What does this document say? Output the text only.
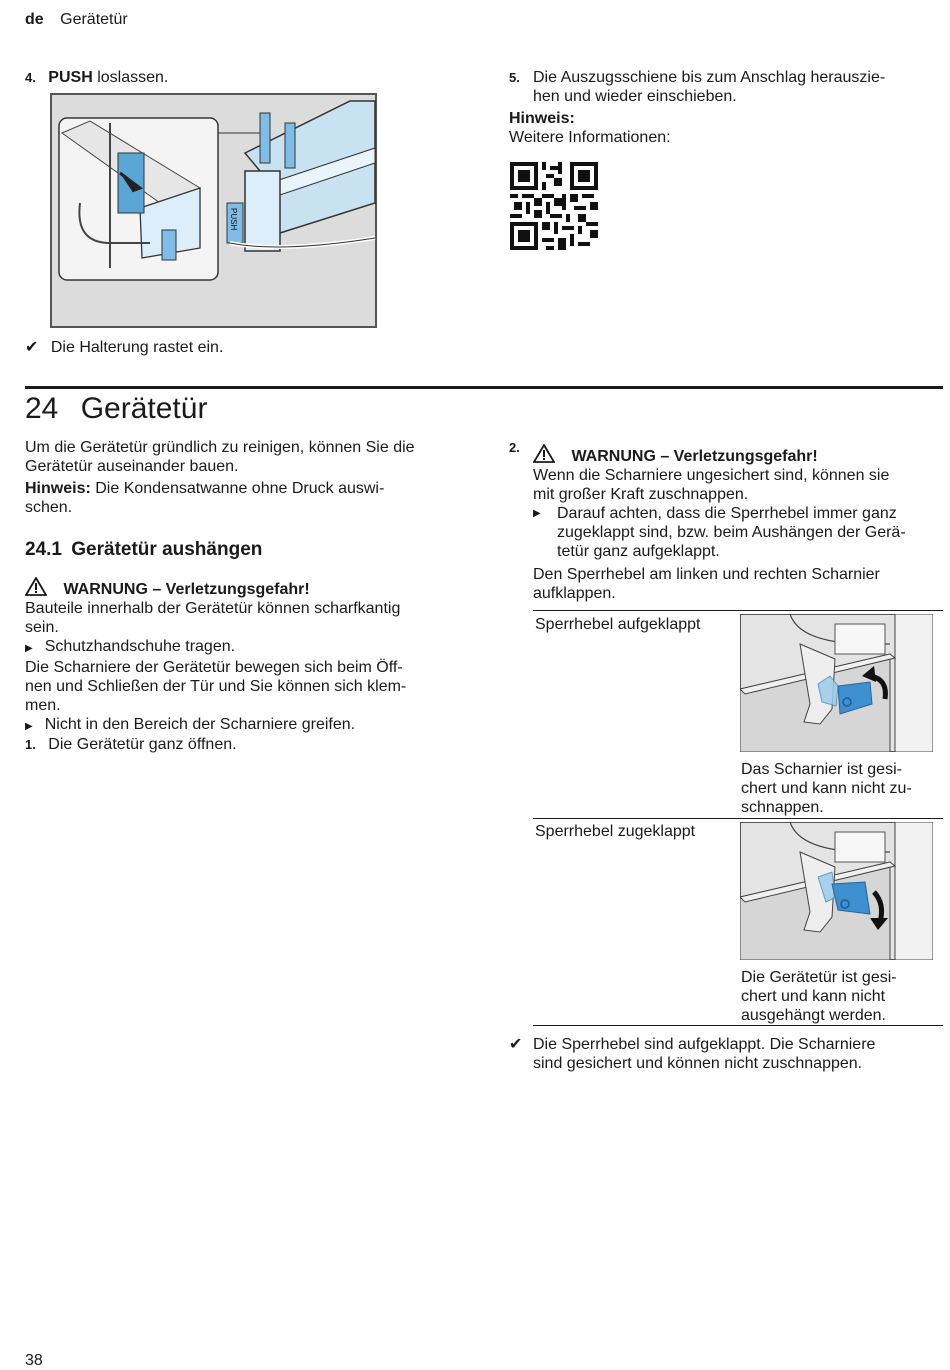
de Gerätetür
4. PUSH loslassen.
PUSH
✔ Die Halterung rastet ein.
5. Die Auszugsschiene bis zum Anschlag herauszie-
hen und wieder einschieben.
Hinweis:
Weitere Informationen:
24 Gerätetür
Um die Gerätetür gründlich zu reinigen, können Sie die
Gerätetür auseinander bauen.
Hinweis: Die Kondensatwanne ohne Druck auswi-
schen.
24.1 Gerätetür aushängen
WARNUNG – Verletzungsgefahr!
Bauteile innerhalb der Gerätetür können scharfkantig
sein.
▶ Schutzhandschuhe tragen.
Die Scharniere der Gerätetür bewegen sich beim Öff-
nen und Schließen der Tür und Sie können sich klem-
men.
▶ Nicht in den Bereich der Scharniere greifen.
1. Die Gerätetür ganz öffnen.
2.
WARNUNG – Verletzungsgefahr!
Wenn die Scharniere ungesichert sind, können sie
mit großer Kraft zuschnappen.
▶ Darauf achten, dass die Sperrhebel immer ganz
zugeklappt sind, bzw. beim Aushängen der Gerä-
tetür ganz aufgeklappt.
Den Sperrhebel am linken und rechten Scharnier
aufklappen.
Sperrhebel aufgeklappt
Das Scharnier ist gesi-
chert und kann nicht zu-
schnappen.
Sperrhebel zugeklappt
Die Gerätetür ist gesi-
chert und kann nicht
ausgehängt werden.
✔ Die Sperrhebel sind aufgeklappt. Die Scharniere
sind gesichert und können nicht zuschnappen.
38
